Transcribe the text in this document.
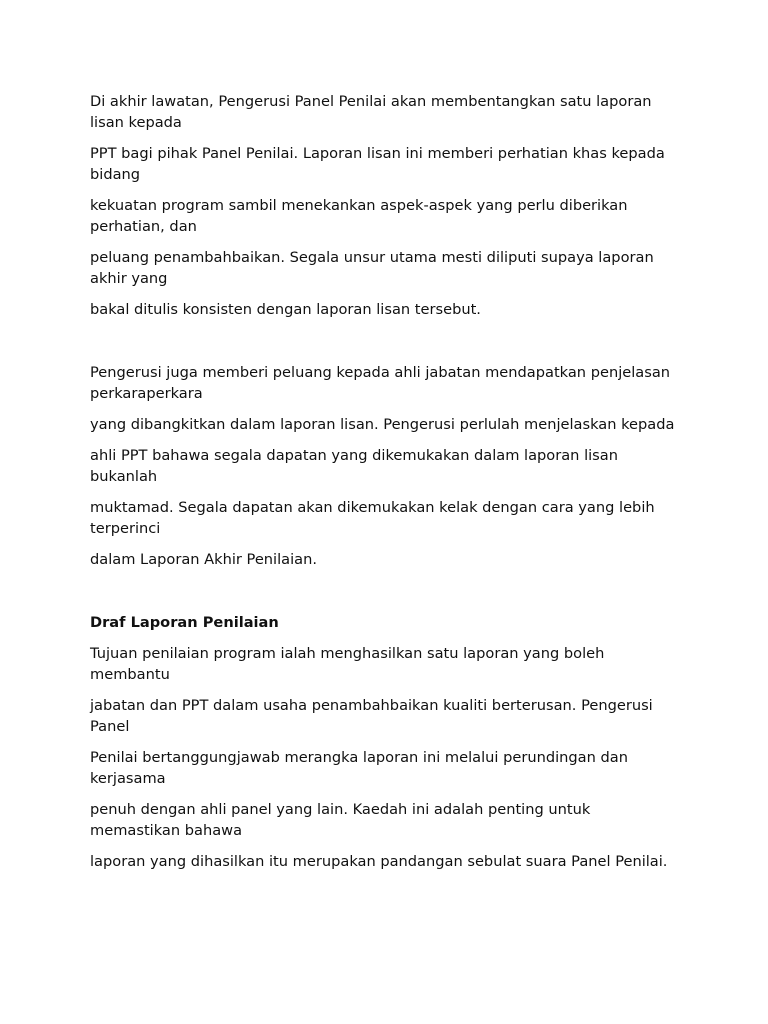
Di akhir lawatan, Pengerusi Panel Penilai akan membentangkan satu laporan lisan kepada

PPT bagi pihak Panel Penilai. Laporan lisan ini memberi perhatian khas kepada bidang

kekuatan program sambil menekankan aspek-aspek yang perlu diberikan perhatian, dan

peluang penambahbaikan. Segala unsur utama mesti diliputi supaya laporan akhir yang

bakal ditulis konsisten dengan laporan lisan tersebut.

Pengerusi juga memberi peluang kepada ahli jabatan mendapatkan penjelasan perkaraperkara

yang dibangkitkan dalam laporan lisan. Pengerusi perlulah menjelaskan kepada

ahli PPT bahawa segala dapatan yang dikemukakan dalam laporan lisan bukanlah

muktamad. Segala dapatan akan dikemukakan kelak dengan cara yang lebih terperinci

dalam Laporan Akhir Penilaian.

Draf Laporan Penilaian

Tujuan penilaian program ialah menghasilkan satu laporan yang boleh membantu

jabatan dan PPT dalam usaha penambahbaikan kualiti berterusan. Pengerusi Panel

Penilai bertanggungjawab merangka laporan ini melalui perundingan dan kerjasama

penuh dengan ahli panel yang lain. Kaedah ini adalah penting untuk memastikan bahawa

laporan yang dihasilkan itu merupakan pandangan sebulat suara Panel Penilai.
